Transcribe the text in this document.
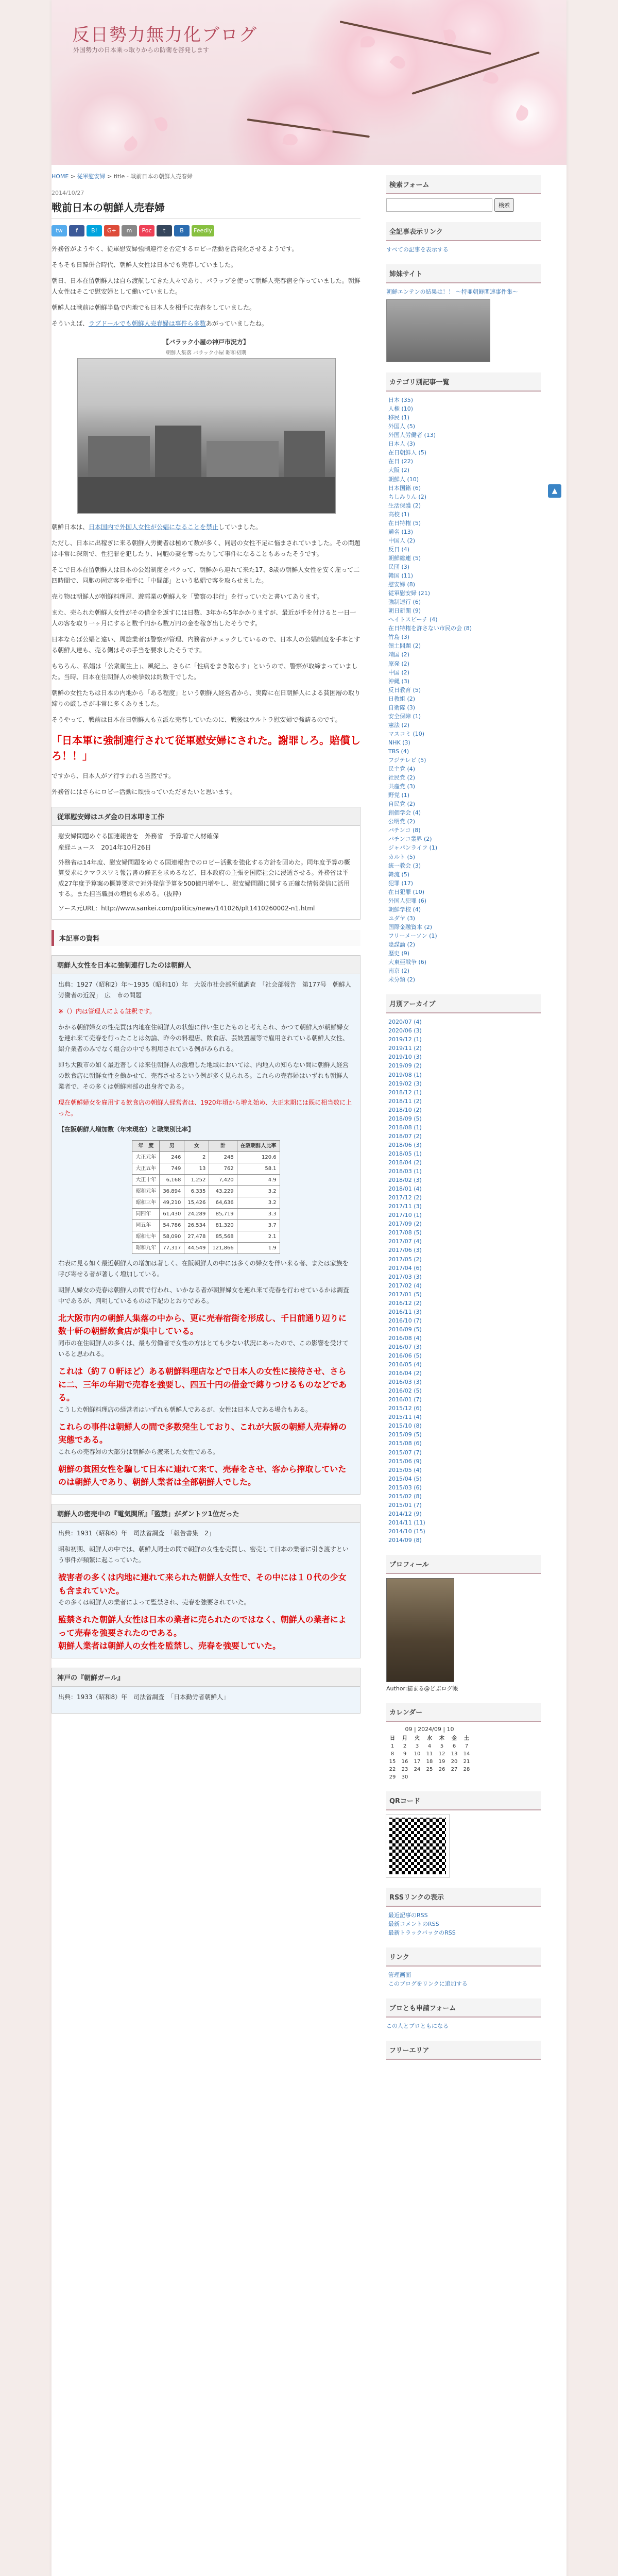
反日勢力無力化ブログ
外国勢力の日本乗っ取りからの防衛を啓発します
HOME > 従軍慰安婦 > title - 戦前日本の朝鮮人売春婦
2014/10/27
戦前日本の朝鮮人売春婦
tw	f	B!	G+	m	Poc	t	B	Feedly

外務省がようやく、従軍慰安婦強制連行を否定するロビー活動を活発化させるようです。

そもそも日韓併合時代、朝鮮人女性は日本でも売春していました。

朝日、日本在留朝鮮人は自ら渡航してきた人々であり、パラップを使って朝鮮人売春宿を作っていました。朝鮮人女性はそこで慰安婦として働いていました。

朝鮮人は戦前は朝鮮半島で内地でも日本人を相手に売春をしていました。

そういえば、ラブドールでも朝鮮人売春婦は事件ら多数あがっていましたね。

【バラック小屋の神戸市況方】
朝鮮人集落 バラック小屋 昭和初期

朝鮮日本は、日本国内で外国人女性が公娼になることを禁止していました。

ただし、日本に出稼ぎに来る朝鮮人労働者は極めて数が多く、同居の女性不足に悩まされていました。その問題は非常に深刻で、性犯罪を犯したり、同胞の妻を奪ったりして事件になることもあったそうです。

そこで日本在留朝鮮人は日本の公娼制度をパクって、朝鮮から連れて来た17、8歳の朝鮮人女性を安く雇って二四時間で、同胞の固定客を相手に「中間部」という私娼で客を取らせました。

売り物は朝鮮人が朝鮮料理屋、遊郭業の朝鮮人を「警察の非行」を行っていたと書いてあります。

また、売られた朝鮮人女性がその借金を返すには日数、3年から5年かかりますが、最近が手を付けると一日一人の客を取り一ヶ月にすると数千円から数万円の金を稼ぎ出したそうです。

日本ならば公娼と違い、周旋業者は警察が管理、内務省がチェックしているので、日本人の公娼制度を手本とする朝鮮人達も、売る側はその手当を要求したそうです。

もちろん、私娼は「公衆衛生上」、風紀上、さらに「性病をまき散らす」というので、警察が取締まっていました。当時、日本在住朝鮮人の検挙数は約数千でした。

朝鮮の女性たちは日本の内地から「ある程度」という朝鮮人経営者から、実際に在日朝鮮人による貧困層の取り締りの厳しさが非常に多くありました。

そうやって、戦前は日本在日朝鮮人も立派な売春していたのに、戦後はウルトラ慰安婦で強請るのです。

「日本軍に強制連行されて従軍慰安婦にされた。謝罪しろ。賠償しろ！！」

ですから、日本人がア行すわれる当然です。

外務省にはさらにロビー活動に頑張っていただきたいと思います。

従軍慰安婦はユダ金の日本叩き工作
慰安婦問題めぐる国連報告を　外務省　予算増で人材確保
産経ニュース　2014年10月26日
外務省は14年度、慰安婦問題をめぐる国連報告でのロビー活動を強化する方針を固めた。同年度予算の概算要求にクマラスワミ報告書の修正を求めるなど、日本政府の主張を国際社会に浸透させる。外務省は平成27年度予算案の概算要求で対外発信予算を500億円増やし、慰安婦問題に関する正確な情報発信に活用する。また担当職員の増員も求める。（抜粋）
ソース元URL：http://www.sankei.com/politics/news/141026/plt1410260002-n1.html
本記事の資料
朝鮮人女性を日本に強制連行したのは朝鮮人

出典：1927（昭和2）年～1935（昭和10）年　大阪市社会部所蔵調査　「社会部報告　第177号　朝鮮人労働者の近況」　広　市の問題

※（）内は管理人による註釈です。

かかる朝鮮婦女の性売買は内地在住朝鮮人の状態に伴い生じたものと考えられ、かつて朝鮮人が朝鮮婦女を連れ来て売春を行ったことは勿論、昨今の料理店、飲食店、芸妓置屋等で雇用されている朝鮮人女性、紹介業者のみでなく組合の中でも利用されている例がみられる。

即ち大阪市の如く最近著しくは来住朝鮮人の激増した地域においては、内地人の知らない間に朝鮮人経営の飲食店に朝鮮女性を働かせて、売春させるという例が多く見られる。これらの売春婦はいずれも朝鮮人業者で、その多くは朝鮮南部の出身者である。

現在朝鮮婦女を雇用する飲食店の朝鮮人経営者は、1920年頃から増え始め、大正末期には既に相当数に上った。

【在阪朝鮮人増加数（年末現在）と職業別比率】

年　度	男	女	計	在阪朝鮮人比率
大正元年	246	2	248	120.6
大正五年	749	13	762	58.1
大正十年	6,168	1,252	7,420	4.9
昭和元年	36,894	6,335	43,229	3.2
昭和三年	49,210	15,426	64,636	3.2
同四年	61,430	24,289	85,719	3.3
同五年	54,786	26,534	81,320	3.7
昭和七年	58,090	27,478	85,568	2.1
昭和九年	77,317	44,549	121,866	1.9

右表に見る如く最近朝鮮人の増加は著しく、在阪朝鮮人の中には多くの婦女を伴い来る者、または家族を呼び寄せる者が著しく増加している。

朝鮮人婦女の売春は朝鮮人の間で行われ、いかなる者が朝鮮婦女を連れ来て売春を行わせているかは調査中であるが、判明しているものは下記のとおりである。

北大阪市内の朝鮮人集落の中から、更に売春宿街を形成し、千日前通り辺りに数十軒の朝鮮飲食店が集中している。

同市の在住朝鮮人の多くは、最も労働者で女性の方はとても少ない状況にあったので、この影響を受けていると思われる。

これは（約７０軒ほど）ある朝鮮料理店などで日本人の女性に接待させ、さらに二、三年の年期で売春を強要し、四五十円の借金で縛りつけるものなどである。

こうした朝鮮料理店の経営者はいずれも朝鮮人であるが、女性は日本人である場合もある。

これらの事件は朝鮮人の間で多数発生しており、これが大阪の朝鮮人売春婦の実態である。

これらの売春婦の大部分は朝鮮から渡来した女性である。

朝鮮の貧困女性を騙して日本に連れて来て、売春をさせ、客から搾取していたのは朝鮮人であり、朝鮮人業者は全部朝鮮人でした。
朝鮮人の密売中の『電気関所』「監禁」がダントツ1位だった

出典：1931（昭和6）年　司法省調査　「報告書集　2」

昭和初期、朝鮮人の中では、朝鮮人同士の間で朝鮮の女性を売買し、密売して日本の業者に引き渡すという事件が頻繁に起こっていた。

被害者の多くは内地に連れて来られた朝鮮人女性で、その中には１０代の少女も含まれていた。

その多くは朝鮮人の業者によって監禁され、売春を強要されていた。

監禁された朝鮮人女性は日本の業者に売られたのではなく、朝鮮人の業者によって売春を強要されたのである。
朝鮮人業者は朝鮮人の女性を監禁し、売春を強要していた。
神戸の『朝鮮ガール』

出典：1933（昭和8）年　司法省調査　「日本勤労者朝鮮人」

検索フォーム
検索
全記事表示リンク
すべての記事を表示する
姉妹サイト
朝鮮エンテンの結果は！！ ～特亜朝鮮関連事件集～
カテゴリ別記事一覧
日本 (35)
人権 (10)
移民 (1)
外国人 (5)
外国人労働者 (13)
日本人 (3)
在日朝鮮人 (5)
在日 (22)
大阪 (2)
朝鮮人 (10)
日本国籍 (6)
ちしみりん (2)
生活保護 (2)
高校 (1)
在日特権 (5)
通名 (13)
中国人 (2)
反日 (4)
朝鮮総連 (5)
民団 (3)
韓国 (11)
慰安婦 (8)
従軍慰安婦 (21)
強制連行 (6)
朝日新聞 (9)
ヘイトスピーチ (4)
在日特権を許さない市民の会 (8)
竹島 (3)
領土問題 (2)
靖国 (2)
原発 (2)
中国 (2)
沖縄 (3)
反日教育 (5)
日教組 (2)
自衛隊 (3)
安全保障 (1)
憲法 (2)
マスコミ (10)
NHK (3)
TBS (4)
フジテレビ (5)
民主党 (4)
社民党 (2)
共産党 (3)
野党 (1)
自民党 (2)
創価学会 (4)
公明党 (2)
パチンコ (8)
パチンコ業界 (2)
ジャパンライフ (1)
カルト (5)
統一教会 (3)
韓流 (5)
犯罪 (17)
在日犯罪 (10)
外国人犯罪 (6)
朝鮮学校 (4)
ユダヤ (3)
国際金融資本 (2)
フリーメーソン (1)
陰謀論 (2)
歴史 (9)
大東亜戦争 (6)
南京 (2)
未分類 (2)
月別アーカイブ
2020/07 (4)
2020/06 (3)
2019/12 (1)
2019/11 (2)
2019/10 (3)
2019/09 (2)
2019/08 (1)
2019/02 (3)
2018/12 (1)
2018/11 (2)
2018/10 (2)
2018/09 (5)
2018/08 (1)
2018/07 (2)
2018/06 (3)
2018/05 (1)
2018/04 (2)
2018/03 (1)
2018/02 (3)
2018/01 (4)
2017/12 (2)
2017/11 (3)
2017/10 (1)
2017/09 (2)
2017/08 (5)
2017/07 (4)
2017/06 (3)
2017/05 (2)
2017/04 (6)
2017/03 (3)
2017/02 (4)
2017/01 (5)
2016/12 (2)
2016/11 (3)
2016/10 (7)
2016/09 (5)
2016/08 (4)
2016/07 (3)
2016/06 (5)
2016/05 (4)
2016/04 (2)
2016/03 (3)
2016/02 (5)
2016/01 (7)
2015/12 (6)
2015/11 (4)
2015/10 (8)
2015/09 (5)
2015/08 (6)
2015/07 (7)
2015/06 (9)
2015/05 (4)
2015/04 (5)
2015/03 (6)
2015/02 (8)
2015/01 (7)
2014/12 (9)
2014/11 (11)
2014/10 (15)
2014/09 (8)
プロフィール
Author:猫まる@どぶログ帳
カレンダー
09 | 2024/09 | 10
日	月	火	水	木	金	土
1	2	3	4	5	6	7
8	9	10	11	12	13	14
15	16	17	18	19	20	21
22	23	24	25	26	27	28
29	30					
QRコード
RSSリンクの表示
最近記事のRSS
最新コメントのRSS
最新トラックバックのRSS
リンク
管理画面
このブログをリンクに追加する
ブロとも申請フォーム
この人とブロともになる
フリーエリア
▲
